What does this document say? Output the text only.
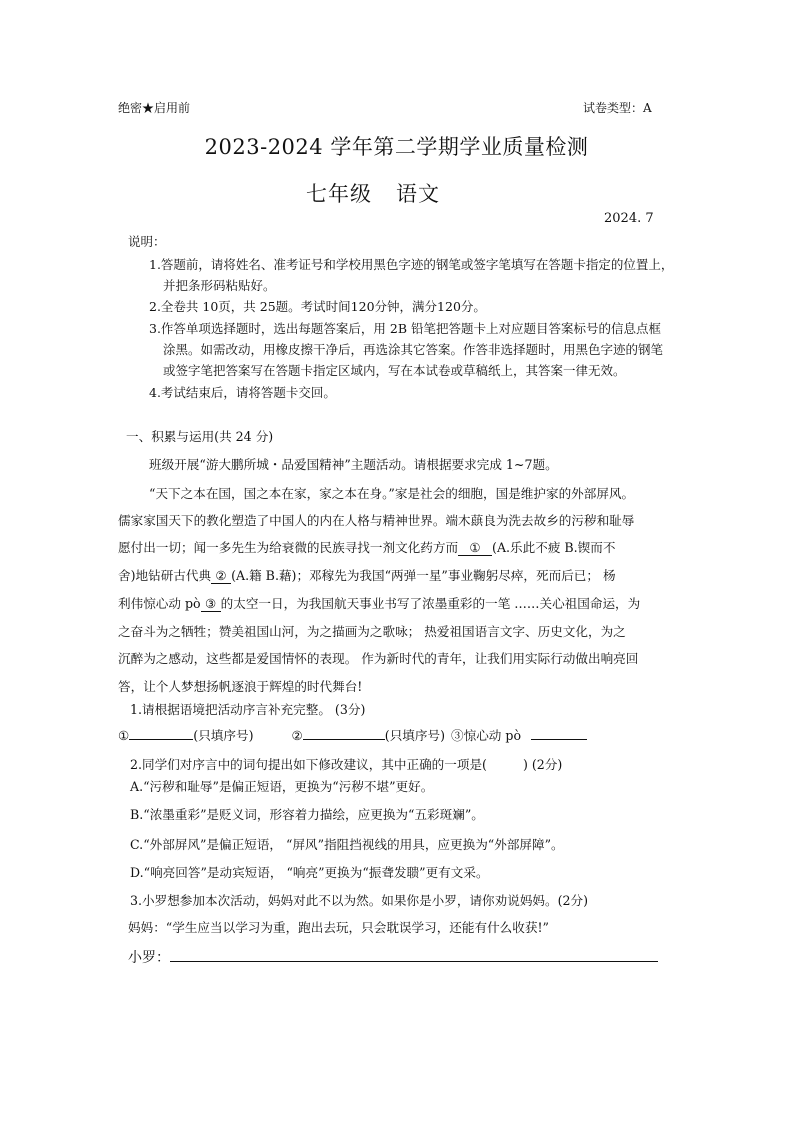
绝密★启用前	试卷类型：A
2023-2024 学年第二学期学业质量检测
七年级 语文
2024. 7
说明：
1.答题前，请将姓名、准考证号和学校用黑色字迹的钢笔或签字笔填写在答题卡指定的位置上，
并把条形码粘贴好。
2.全卷共 10页，共 25题。考试时间120分钟，满分120分。
3.作答单项选择题时，选出每题答案后，用 2B 铅笔把答题卡上对应题目答案标号的信息点框
涂黑。如需改动，用橡皮擦干净后，再选涂其它答案。作答非选择题时，用黑色字迹的钢笔
或签字笔把答案写在答题卡指定区域内，写在本试卷或草稿纸上，其答案一律无效。
4.考试结束后，请将答题卡交回。
一、积累与运用(共 24 分)
班级开展“游大鹏所城・品爱国精神”主题活动。请根据要求完成 1~7题。
“天下之本在国，国之本在家，家之本在身。”家是社会的细胞，国是维护家的外部屏风。
儒家家国天下的教化塑造了中国人的内在人格与精神世界。端木蕻良为洗去故乡的污秽和耻辱
愿付出一切；闻一多先生为给衰微的民族寻找一剂文化药方而 ① (A.乐此不疲 B.锲而不
舍)地钻研古代典 ② (A.籍 B.藉)；邓稼先为我国“两弹一星”事业鞠躬尽瘁，死而后已； 杨
利伟惊心动 pò ③ 的太空一日，为我国航天事业书写了浓墨重彩的一笔 ……关心祖国命运，为
之奋斗为之牺牲；赞美祖国山河，为之描画为之歌咏； 热爱祖国语言文字、历史文化，为之
沉醉为之感动，这些都是爱国情怀的表现。 作为新时代的青年，让我们用实际行动做出响亮回
答，让个人梦想扬帆逐浪于辉煌的时代舞台!
1.请根据语境把活动序言补充完整。 (3分)
①	(只填序号)	②	(只填序号) ③惊心动 pò
2.同学们对序言中的词句提出如下修改建议，其中正确的一项是(	) (2分)
A.“污秽和耻辱”是偏正短语，更换为“污秽不堪”更好。
B.“浓墨重彩”是贬义词，形容着力描绘，应更换为“五彩斑斓”。
C.“外部屏风”是偏正短语， “屏风”指阻挡视线的用具，应更换为“外部屏障”。
D.“响亮回答”是动宾短语， “响亮”更换为“振聋发聩”更有文采。
3.小罗想参加本次活动，妈妈对此不以为然。如果你是小罗，请你劝说妈妈。(2分)
妈妈：“学生应当以学习为重，跑出去玩，只会耽误学习，还能有什么收获!”
小罗：
